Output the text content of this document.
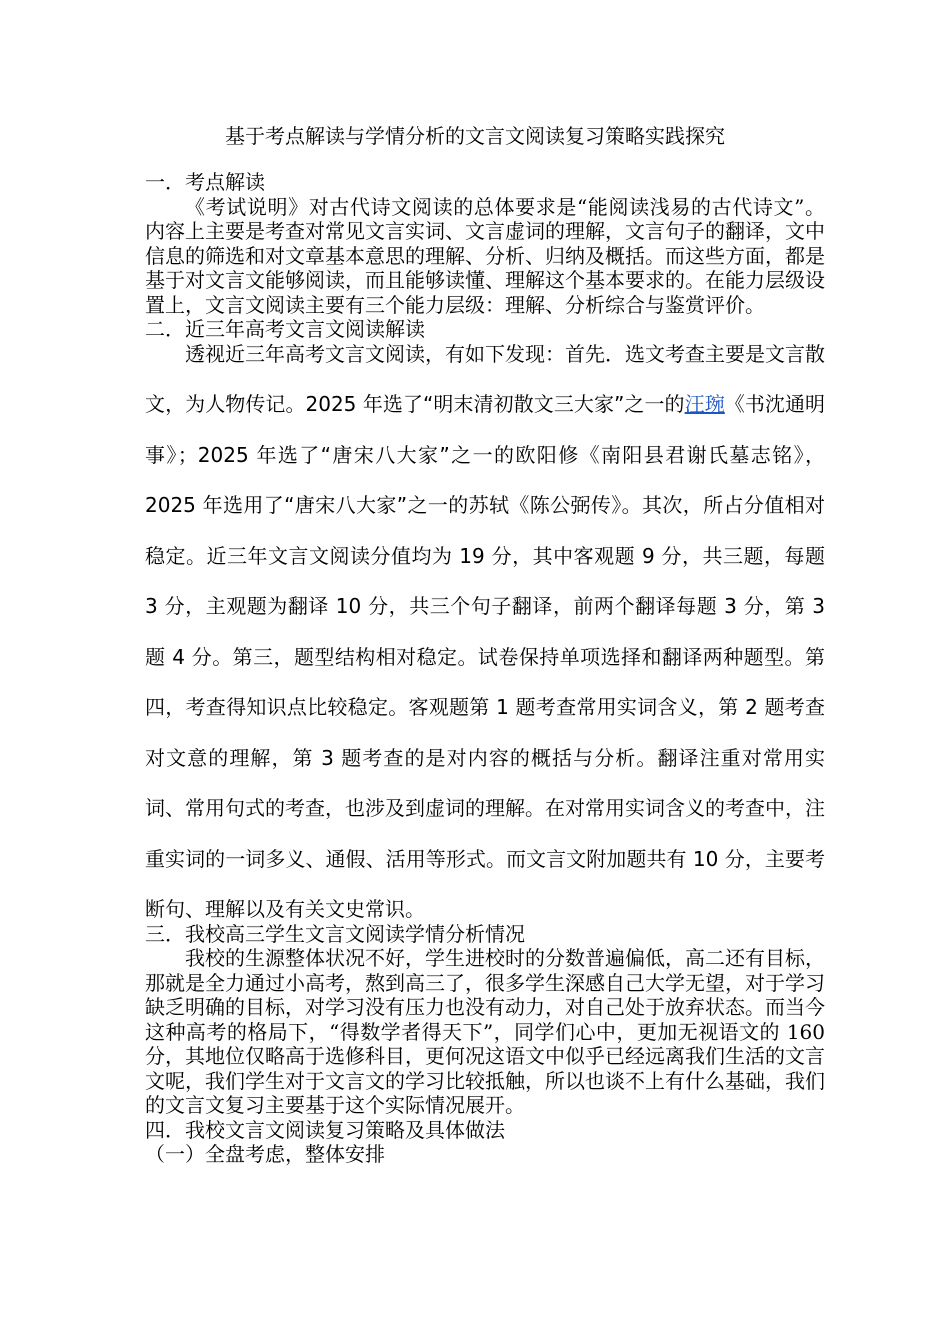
基于考点解读与学情分析的文言文阅读复习策略实践探究

一．考点解读

《考试说明》对古代诗文阅读的总体要求是“能阅读浅易的古代诗文”。内容上主要是考查对常见文言实词、文言虚词的理解，文言句子的翻译，文中信息的筛选和对文章基本意思的理解、分析、归纳及概括。而这些方面，都是基于对文言文能够阅读，而且能够读懂、理解这个基本要求的。在能力层级设置上，文言文阅读主要有三个能力层级：理解、分析综合与鉴赏评价。

二．近三年高考文言文阅读解读

透视近三年高考文言文阅读，有如下发现：首先．选文考查主要是文言散文，为人物传记。2025 年选了“明末清初散文三大家”之一的汪琬《书沈通明事》；2025 年选了“唐宋八大家”之一的欧阳修《南阳县君谢氏墓志铭》， 2025 年选用了“唐宋八大家”之一的苏轼《陈公弼传》。其次，所占分值相对稳定。近三年文言文阅读分值均为 19 分，其中客观题 9 分，共三题，每题 3 分，主观题为翻译 10 分，共三个句子翻译，前两个翻译每题 3 分，第 3 题 4 分。第三，题型结构相对稳定。试卷保持单项选择和翻译两种题型。第四，考查得知识点比较稳定。客观题第 1 题考查常用实词含义，第 2 题考查对文意的理解，第 3 题考查的是对内容的概括与分析。翻译注重对常用实词、常用句式的考查，也涉及到虚词的理解。在对常用实词含义的考查中，注重实词的一词多义、通假、活用等形式。而文言文附加题共有 10 分，主要考断句、理解以及有关文史常识。

三．我校高三学生文言文阅读学情分析情况

我校的生源整体状况不好，学生进校时的分数普遍偏低，高二还有目标，那就是全力通过小高考，熬到高三了，很多学生深感自己大学无望，对于学习缺乏明确的目标，对学习没有压力也没有动力，对自己处于放弃状态。而当今这种高考的格局下，“得数学者得天下”，同学们心中，更加无视语文的 160 分，其地位仅略高于选修科目，更何况这语文中似乎已经远离我们生活的文言文呢，我们学生对于文言文的学习比较抵触，所以也谈不上有什么基础，我们的文言文复习主要基于这个实际情况展开。

四．我校文言文阅读复习策略及具体做法

（一）全盘考虑，整体安排
